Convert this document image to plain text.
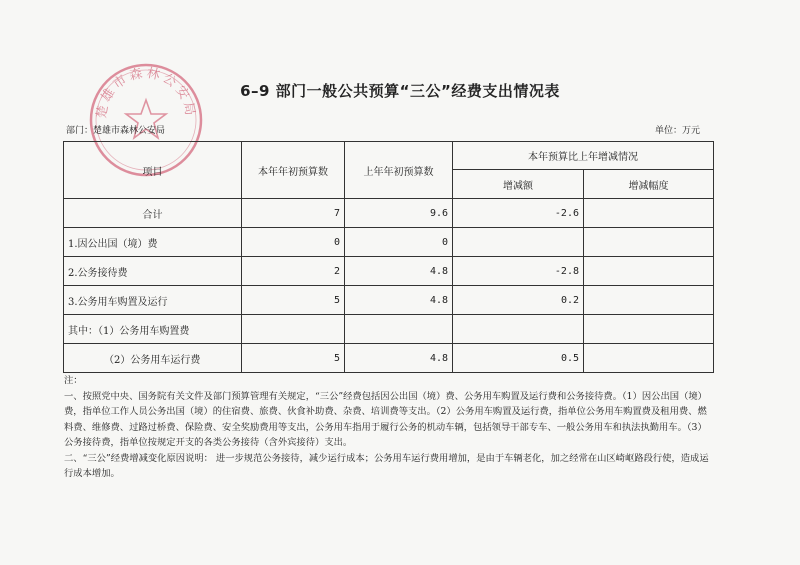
楚雄市森林公安局
6–9 部门一般公共预算“三公”经费支出情况表
部门：楚雄市森林公安局	单位：万元
项目	本年年初预算数	上年年初预算数	本年预算比上年增减情况	
			增减额	增减幅度
合计	7	9.6	-2.6	
1.因公出国（境）费	0	0		
2.公务接待费	2	4.8	-2.8	
3.公务用车购置及运行	5	4.8	0.2	
其中：（1）公务用车购置费				
（2）公务用车运行费	5	4.8	0.5	

注：

一、按照党中央、国务院有关文件及部门预算管理有关规定，“三公”经费包括因公出国（境）费、公务用车购置及运行费和公务接待费。（1）因公出国（境）费，指单位工作人员公务出国（境）的住宿费、旅费、伙食补助费、杂费、培训费等支出。（2）公务用车购置及运行费，指单位公务用车购置费及租用费、燃料费、维修费、过路过桥费、保险费、安全奖励费用等支出，公务用车指用于履行公务的机动车辆，包括领导干部专车、一般公务用车和执法执勤用车。（3）公务接待费，指单位按规定开支的各类公务接待（含外宾接待）支出。

二、“三公”经费增减变化原因说明： 进一步规范公务接待，减少运行成本；公务用车运行费用增加，是由于车辆老化，加之经常在山区崎岖路段行使，造成运行成本增加。
